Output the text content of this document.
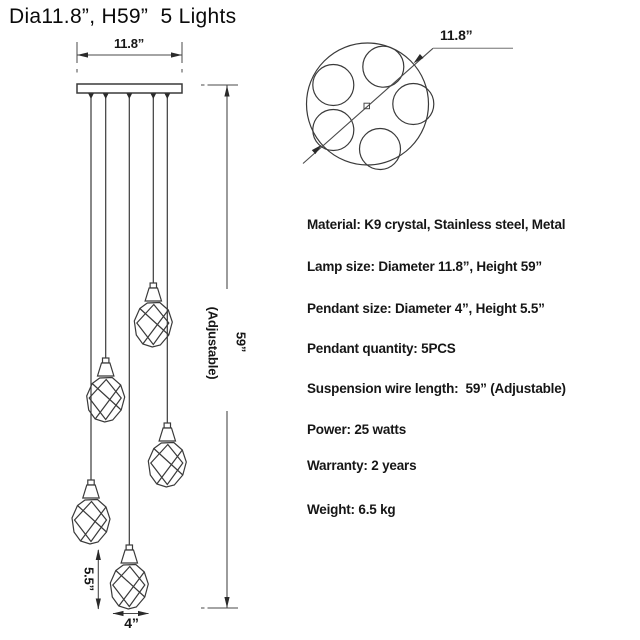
Dia11.8”, H59”  5 Lights
11.8”
59”
(Adjustable)
5.5”
4”
11.8”
Material: K9 crystal, Stainless steel, Metal
Lamp size: Diameter 11.8”, Height 59”
Pendant size: Diameter 4”, Height 5.5”
Pendant quantity: 5PCS
Suspension wire length:  59” (Adjustable)
Power: 25 watts
Warranty: 2 years
Weight: 6.5 kg
